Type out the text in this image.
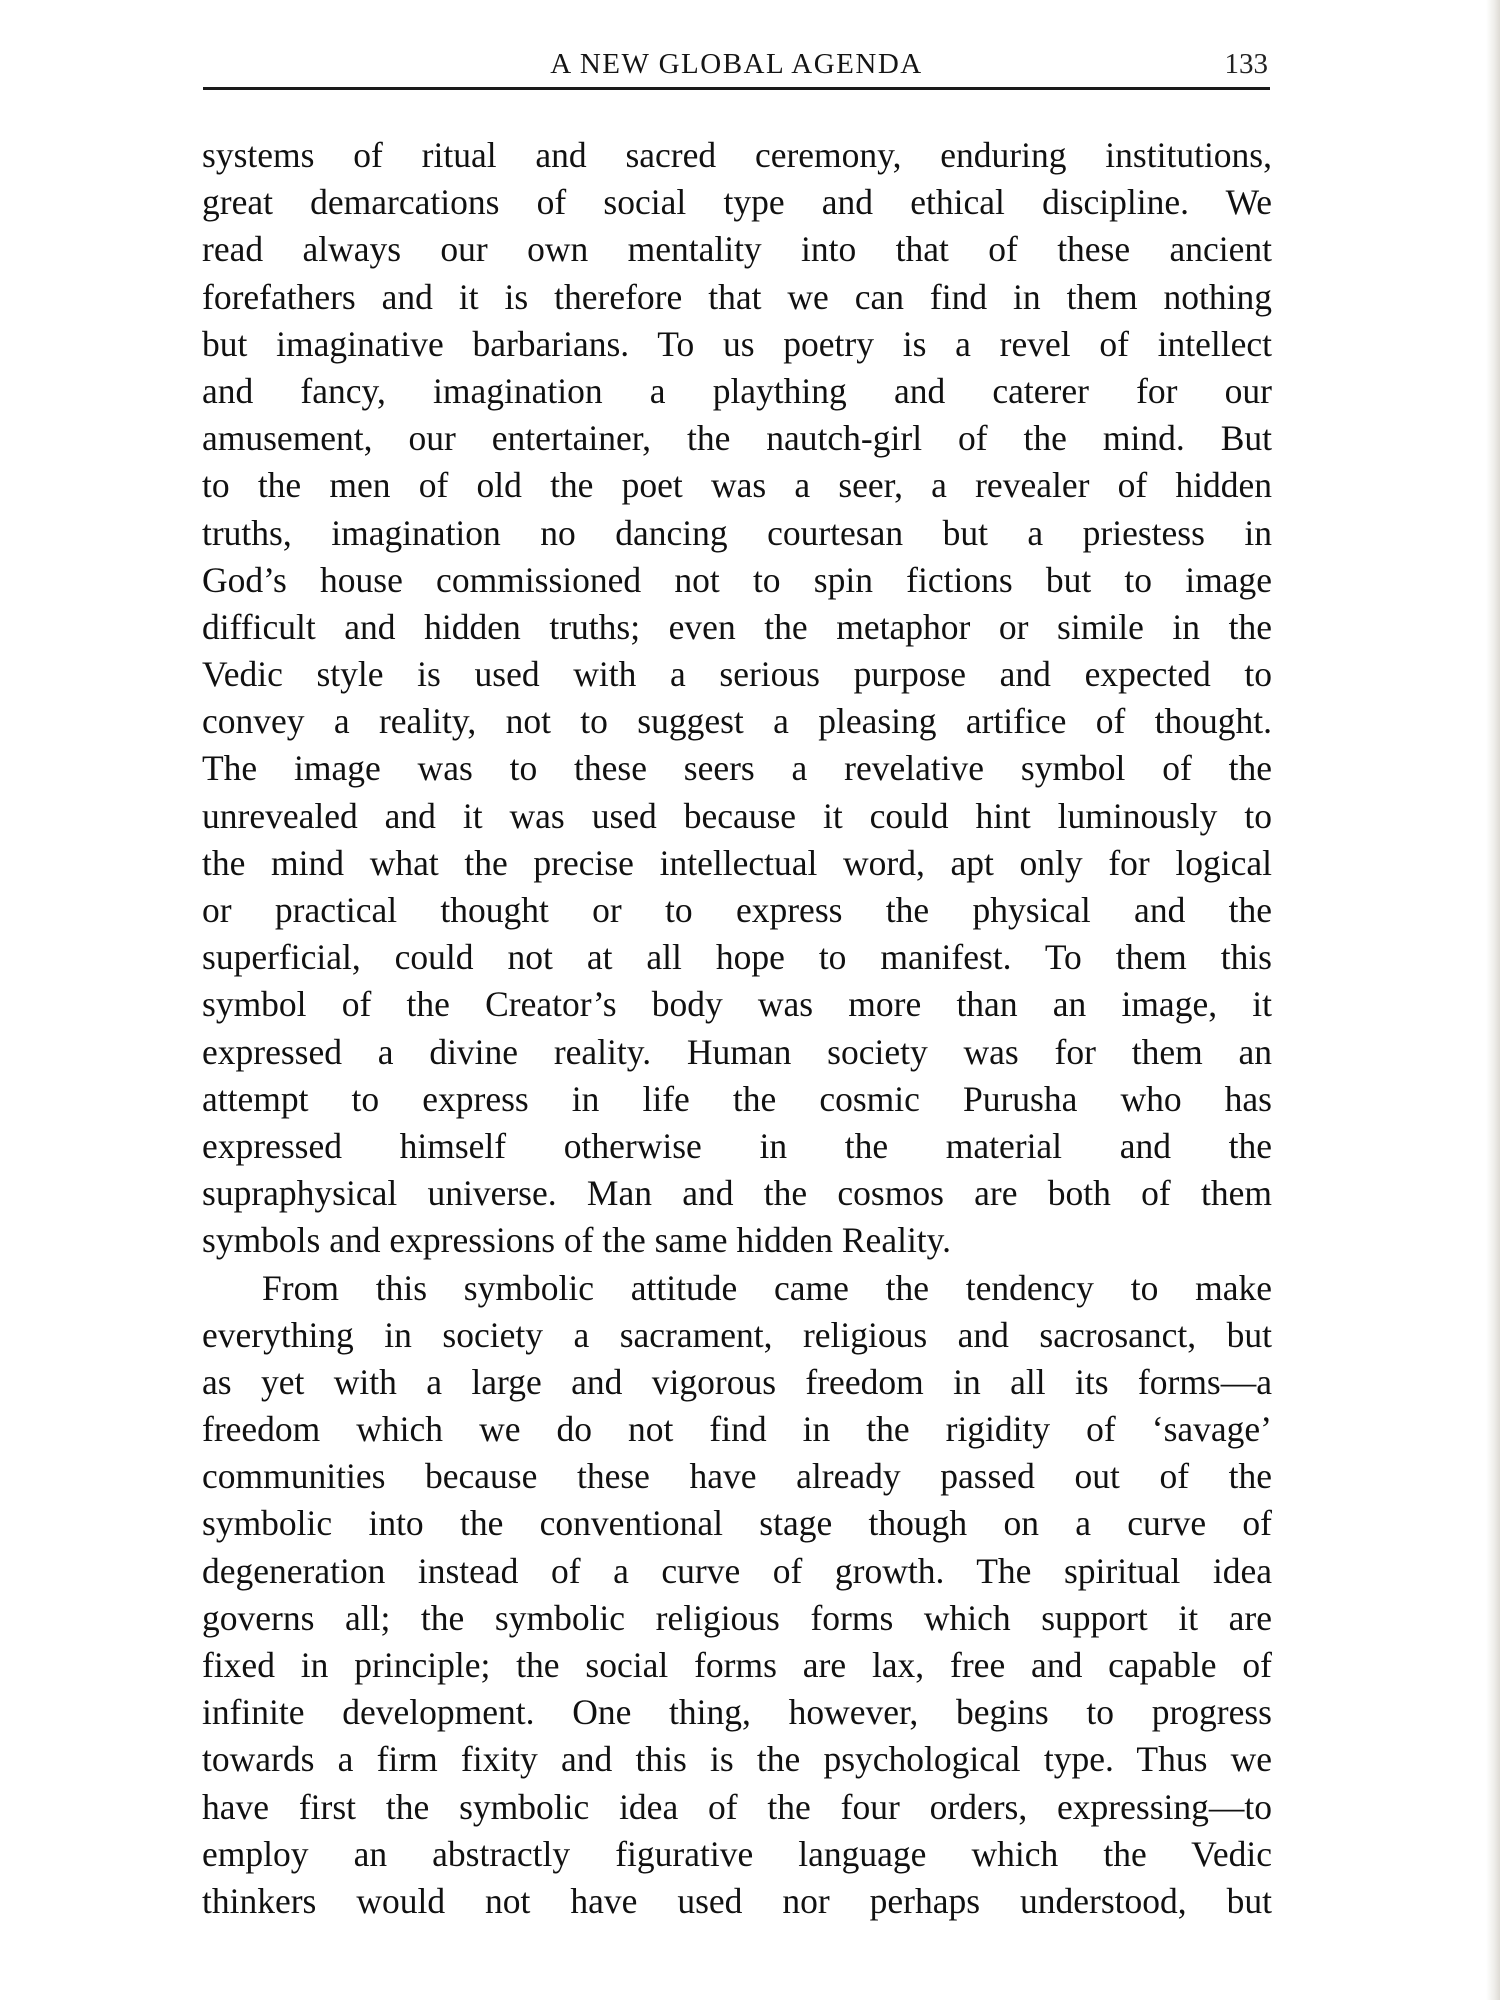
A NEW GLOBAL AGENDA	133
systems of ritual and sacred ceremony, enduring institutions,
great demarcations of social type and ethical discipline. We
read always our own mentality into that of these ancient
forefathers and it is therefore that we can find in them nothing
but imaginative barbarians. To us poetry is a revel of intellect
and fancy, imagination a plaything and caterer for our
amusement, our entertainer, the nautch-girl of the mind. But
to the men of old the poet was a seer, a revealer of hidden
truths, imagination no dancing courtesan but a priestess in
God’s house commissioned not to spin fictions but to image
difficult and hidden truths; even the metaphor or simile in the
Vedic style is used with a serious purpose and expected to
convey a reality, not to suggest a pleasing artifice of thought.
The image was to these seers a revelative symbol of the
unrevealed and it was used because it could hint luminously to
the mind what the precise intellectual word, apt only for logical
or practical thought or to express the physical and the
superficial, could not at all hope to manifest. To them this
symbol of the Creator’s body was more than an image, it
expressed a divine reality. Human society was for them an
attempt to express in life the cosmic Purusha who has
expressed himself otherwise in the material and the
supraphysical universe. Man and the cosmos are both of them
symbols and expressions of the same hidden Reality.
From this symbolic attitude came the tendency to make
everything in society a sacrament, religious and sacrosanct, but
as yet with a large and vigorous freedom in all its forms—a
freedom which we do not find in the rigidity of ‘savage’
communities because these have already passed out of the
symbolic into the conventional stage though on a curve of
degeneration instead of a curve of growth. The spiritual idea
governs all; the symbolic religious forms which support it are
fixed in principle; the social forms are lax, free and capable of
infinite development. One thing, however, begins to progress
towards a firm fixity and this is the psychological type. Thus we
have first the symbolic idea of the four orders, expressing—to
employ an abstractly figurative language which the Vedic
thinkers would not have used nor perhaps understood, but
